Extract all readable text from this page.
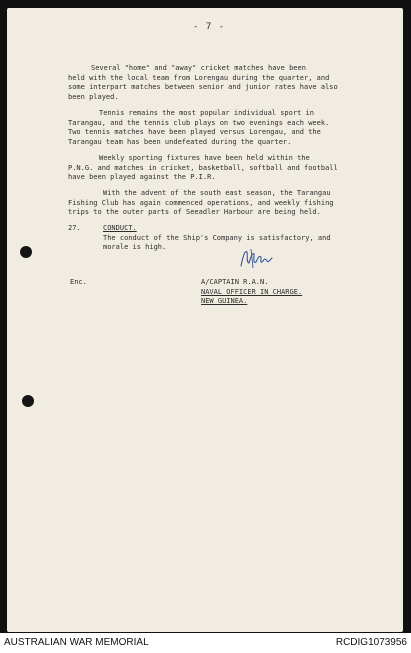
- 7 -
Several "home" and "away" cricket matches have been
held with the local team from Lorengau during the quarter, and
some interpart matches between senior and junior rates have also
been played.
Tennis remains the most popular individual sport in
Tarangau, and the tennis club plays on two evenings each week.
Two tennis matches have been played versus Lorengau, and the
Tarangau team has been undefeated during the quarter.
Weekly sporting fixtures have been held within the
P.N.G. and matches in cricket, basketball, softball and football
have been played against the P.I.R.
With the advent of the south east season, the Tarangau
Fishing Club has again commenced operations, and weekly fishing
trips to the outer parts of Seeadler Harbour are being held.
27.	CONDUCT.
The conduct of the Ship's Company is satisfactory, and
morale is high.
Enc.	A/CAPTAIN R.A.N.
NAVAL OFFICER IN CHARGE.
NEW GUINEA.
AUSTRALIAN WAR MEMORIAL	RCDIG1073956
